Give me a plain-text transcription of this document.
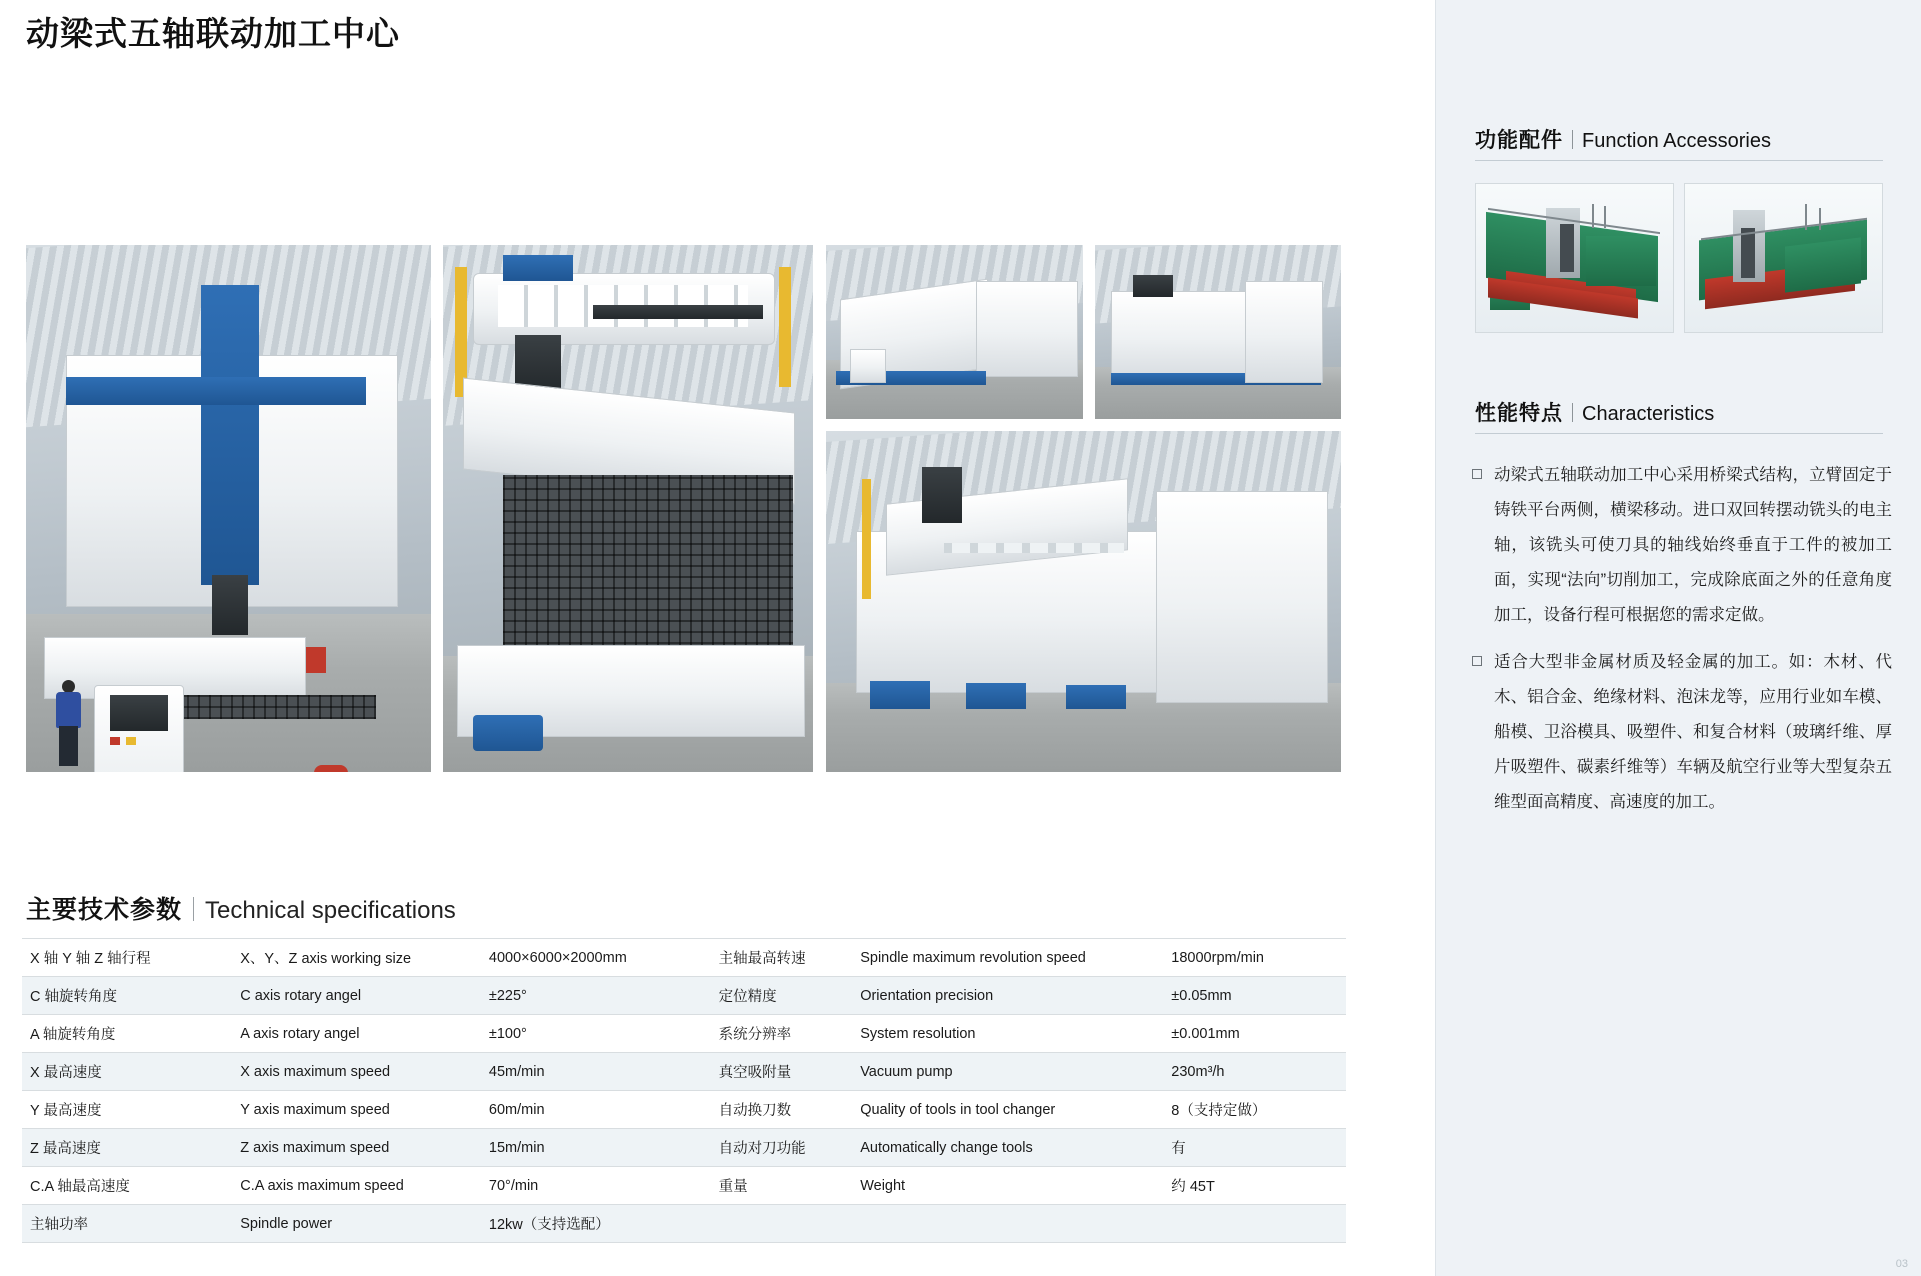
动梁式五轴联动加工中心
主要技术参数 Technical specifications
X 轴 Y 轴 Z 轴行程	X、Y、Z axis working size	4000×6000×2000mm	主轴最高转速	Spindle maximum revolution speed	18000rpm/min
C 轴旋转角度	C axis rotary angel	±225°	定位精度	Orientation precision	±0.05mm
A 轴旋转角度	A axis rotary angel	±100°	系统分辨率	System resolution	±0.001mm
X 最高速度	X axis maximum speed	45m/min	真空吸附量	Vacuum pump	230m³/h
Y 最高速度	Y axis maximum speed	60m/min	自动换刀数	Quality of tools in tool changer	8（支持定做）
Z 最高速度	Z axis maximum speed	15m/min	自动对刀功能	Automatically change tools	有
C.A 轴最高速度	C.A axis maximum speed	70°/min	重量	Weight	约 45T
主轴功率	Spindle power	12kw（支持选配）			
功能配件 Function Accessories
性能特点 Characteristics
动梁式五轴联动加工中心采用桥梁式结构，立臂固定于铸铁平台两侧，横梁移动。进口双回转摆动铣头的电主轴，该铣头可使刀具的轴线始终垂直于工件的被加工面，实现“法向”切削加工，完成除底面之外的任意角度加工，设备行程可根据您的需求定做。
适合大型非金属材质及轻金属的加工。如：木材、代木、铝合金、绝缘材料、泡沫龙等，应用行业如车模、船模、卫浴模具、吸塑件、和复合材料（玻璃纤维、厚片吸塑件、碳素纤维等）车辆及航空行业等大型复杂五维型面高精度、高速度的加工。
03
